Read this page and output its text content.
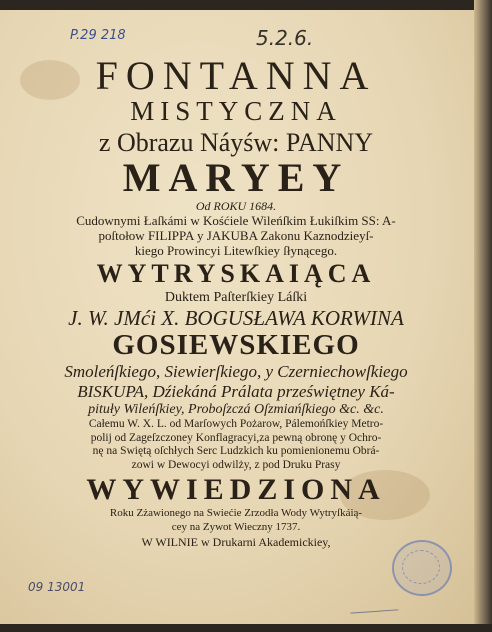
P.29 218	5.2.6.
09 13001
FONTANNA
MISTYCZNA
z Obrazu Náyśw: PANNY
MARYEY
Od ROKU 1684.
Cudownymi Łaſkámi w Kośćiele Wileńſkim Łukiſkim SS: A-
poſtołow FILIPPA y JAKUBA Zakonu Kaznodzieyſ-
kiego Prowincyi Litewſkiey ſłynącego.
WYTRYSKAIĄCA
Duktem Paſterſkiey Láſki
J. W. JMći X. BOGUSŁAWA KORWINA
GOSIEWSKIEGO
Smoleńſkiego, Siewierſkiego, y Czerniechowſkiego
BISKUPA, Dźiekáná Prálata przeświętney Ká-
pituły Wileńſkiey, Proboſzczá Oſzmiańſkiego &c. &c.
Całemu W. X. L. od Marſowych Pożarow, Pálemońſkiey Metro-
polij od Zageſzczoney Konflagracyi,za pewną obronę y Ochro-
nę na Swiętą oſchłych Serc Ludzkich ku pomienionemu Obrá-
zowi w Dewocyi odwilży, z pod Druku Prasy
WYWIEDZIONA
Roku Zżawionego na Swiećie Zrzodła Wody Wytryſkáią-
cey na Zywot Wieczny 1737.
W WILNIE w Drukarni Akademickiey,
